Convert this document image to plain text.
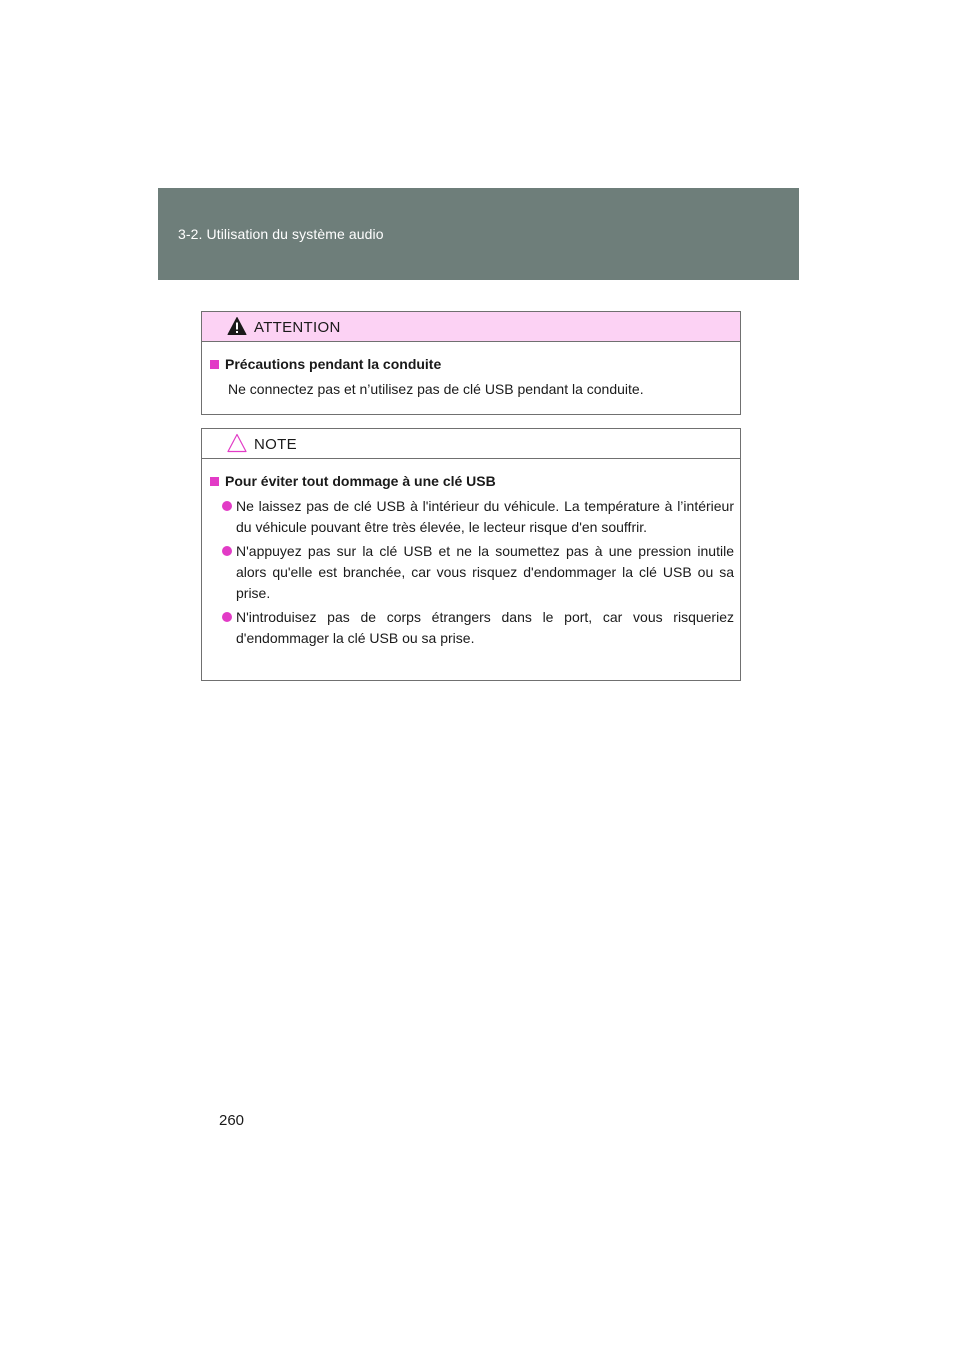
3-2. Utilisation du système audio
ATTENTION
Précautions pendant la conduite
Ne connectez pas et n’utilisez pas de clé USB pendant la conduite.
NOTE
Pour éviter tout dommage à une clé USB
Ne laissez pas de clé USB à l'intérieur du véhicule. La température à l’intérieur du véhicule pouvant être très élevée, le lecteur risque d'en souffrir.
N'appuyez pas sur la clé USB et ne la soumettez pas à une pression inutile alors qu'elle est branchée, car vous risquez d'endommager la clé USB ou sa prise.
N'introduisez pas de corps étrangers dans le port, car vous risqueriez d'endommager la clé USB ou sa prise.
260
